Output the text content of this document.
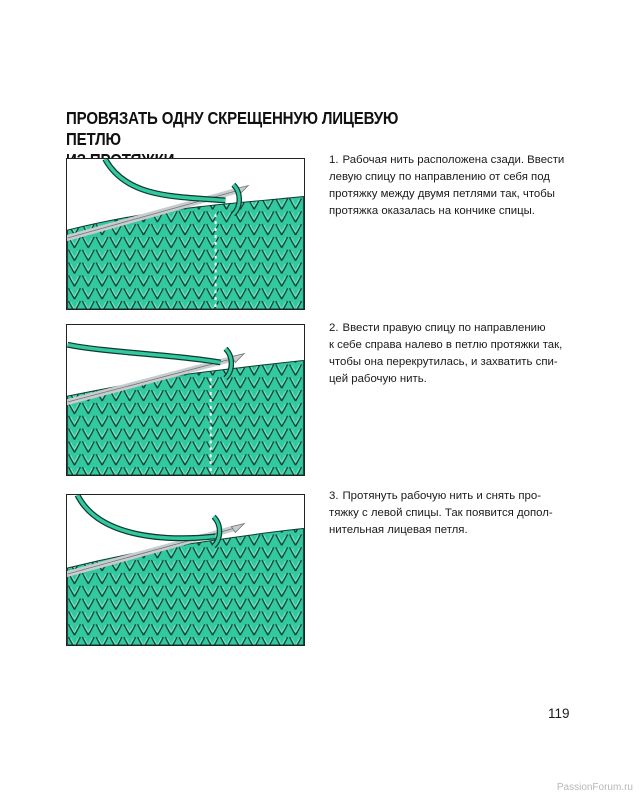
ПРОВЯЗАТЬ ОДНУ СКРЕЩЕННУЮ ЛИЦЕВУЮ ПЕТЛЮ
1. Рабочая нить расположена сзади. Ввести
левую спицу по направлению от себя под
протяжку между двумя петлями так, чтобы
протяжка оказалась на кончике спицы.
2. Ввести правую спицу по направлению
к себе справа налево в петлю протяжки так,
чтобы она перекрутилась, и захватить спи-
цей рабочую нить.
3. Протянуть рабочую нить и снять про-
тяжку с левой спицы. Так появится допол-
нительная лицевая петля.
119
PassionForum.ru
